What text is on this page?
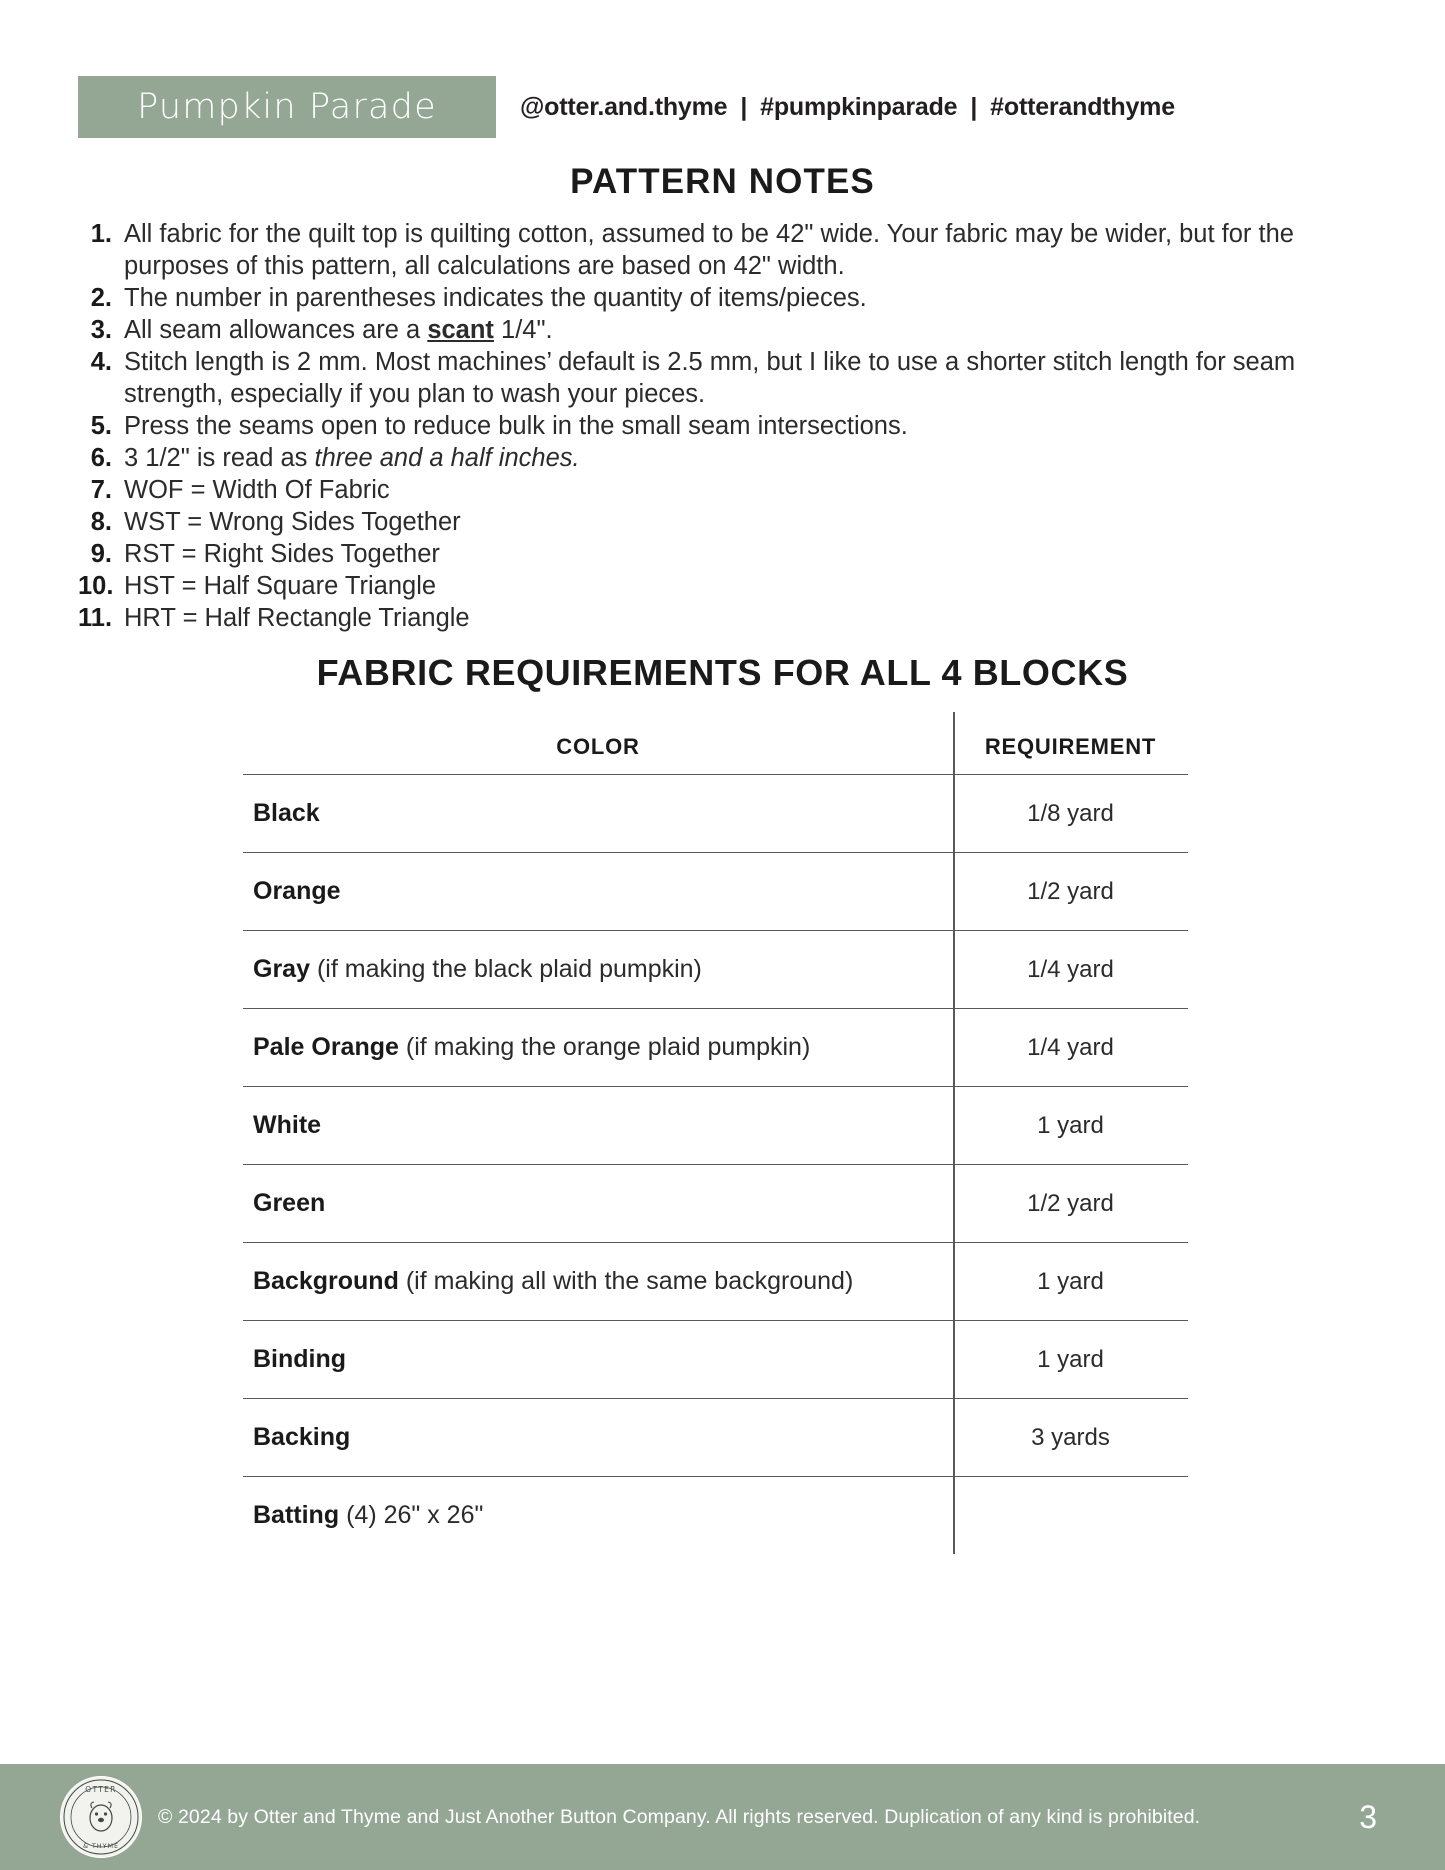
Pumpkin Parade	@otter.and.thyme | #pumpkinparade | #otterandthyme
PATTERN NOTES
1. All fabric for the quilt top is quilting cotton, assumed to be 42" wide. Your fabric may be wider, but for the purposes of this pattern, all calculations are based on 42" width.
2. The number in parentheses indicates the quantity of items/pieces.
3. All seam allowances are a scant 1/4".
4. Stitch length is 2 mm. Most machines’ default is 2.5 mm, but I like to use a shorter stitch length for seam strength, especially if you plan to wash your pieces.
5. Press the seams open to reduce bulk in the small seam intersections.
6. 3 1/2" is read as three and a half inches.
7. WOF = Width Of Fabric
8. WST = Wrong Sides Together
9. RST = Right Sides Together
10. HST = Half Square Triangle
11. HRT = Half Rectangle Triangle
FABRIC REQUIREMENTS FOR ALL 4 BLOCKS
COLOR	REQUIREMENT
Black	1/8 yard
Orange	1/2 yard
Gray (if making the black plaid pumpkin)	1/4 yard
Pale Orange (if making the orange plaid pumpkin)	1/4 yard
White	1 yard
Green	1/2 yard
Background (if making all with the same background)	1 yard
Binding	1 yard
Backing	3 yards
Batting (4) 26" x 26"
OTTER
& THYME
© 2024 by Otter and Thyme and Just Another Button Company. All rights reserved. Duplication of any kind is prohibited.	3
